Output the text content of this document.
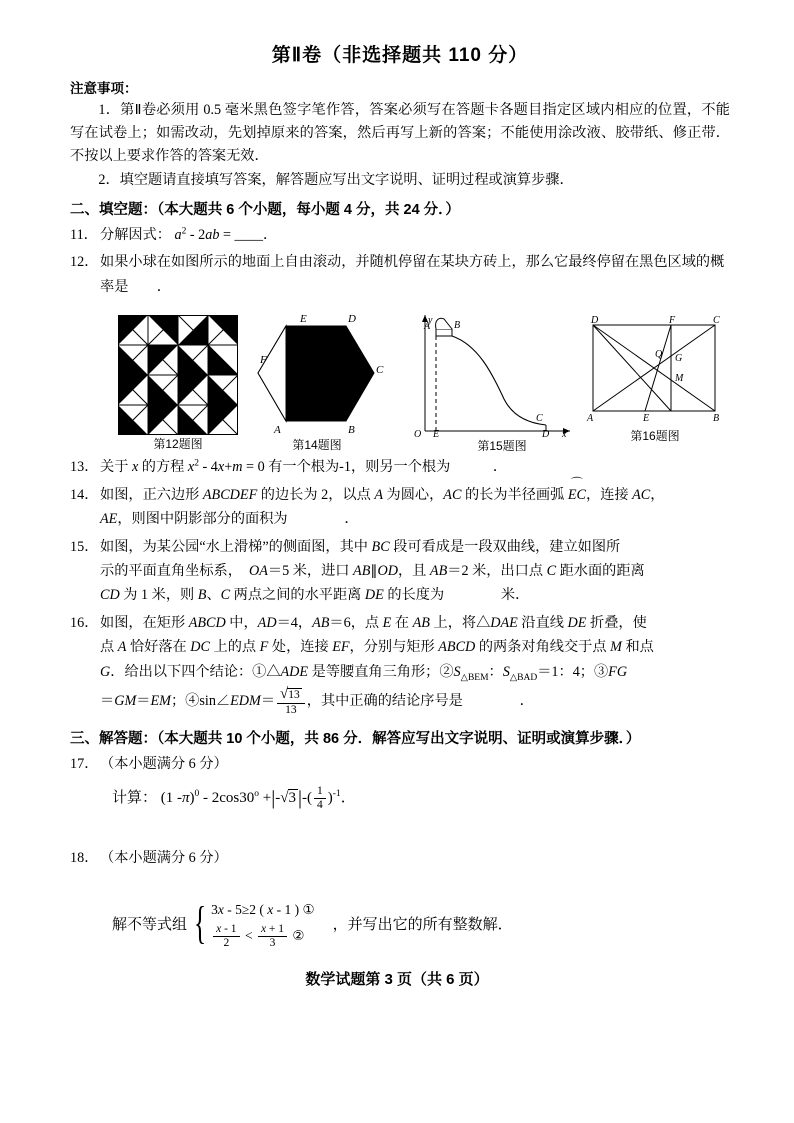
第Ⅱ卷（非选择题共 110 分）
注意事项：

1．第Ⅱ卷必须用 0.5 毫米黑色签字笔作答，答案必须写在答题卡各题目指定区域内相应的位置，不能写在试卷上；如需改动，先划掉原来的答案，然后再写上新的答案；不能使用涂改液、胶带纸、修正带．不按以上要求作答的答案无效．

2．填空题请直接填写答案，解答题应写出文字说明、证明过程或演算步骤．

二、填空题：（本大题共 6 个小题，每小题 4 分，共 24 分．）
11． 分解因式： $a^2 - 2ab$ = ____．
12． 如果小球在如图所示的地面上自由滚动，并随机停留在某块方砖上，那么它最终停留在黑色区域的概率是　　．
第12题图
E	D
F
C
A	B
第14题图
y
A B
C
O E	D x
第15题图
D	F	C
Q G
M
A	E	B
第16题图
13． 关于 x 的方程 $x^2 - 4x+m = 0$ 有一个根为-1，则另一个根为　　　．
14． 如图，正六边形 ABCDEF 的边长为 2，以点 A 为圆心，AC 的长为半径画弧 ⌒ EC，连接 AC，
AE，则图中阴影部分的面积为　　　　．
15． 如图，为某公园“水上滑梯”的侧面图，其中 BC 段可看成是一段双曲线，建立如图所
示的平面直角坐标系，　OA＝5 米，进口 AB∥OD，且 AB＝2 米，出口点 C 距水面的距离
CD 为 1 米，则 B、C 两点之间的水平距离 DE 的长度为　　　　米．
16． 如图，在矩形 ABCD 中，AD＝4，AB＝6，点 E 在 AB 上，将△DAE 沿直线 DE 折叠，使
点 A 恰好落在 DC 上的点 F 处，连接 EF，分别与矩形 ABCD 的两条对角线交于点 M 和点
G．给出以下四个结论：①△ADE 是等腰直角三角形；$②S_{\triangle BEM}$：$S_{\triangle BAD}=1$：4；③FG
＝GM＝EM；④sin∠EDM＝ $\frac{√13}{13}$ ，其中正确的结论序号是　　　　．
三、解答题：（本大题共 10 个小题，共 86 分．解答应写出文字说明、证明或演算步骤．）
17． （本小题满分 6 分）
计算： (1 $-\pi)^0 - 2\cos 30^o +|-√3$ |-( $\frac{1}{4} )^{-1}$．
18． （本小题满分 6 分）
解不等式组 { 3x - 5≥2 ( x - 1 ) ①
$\frac{x - 1}{2} < \frac{x + 1}{3}$ ②
，并写出它的所有整数解．
数学试题第 3 页（共 6 页）
